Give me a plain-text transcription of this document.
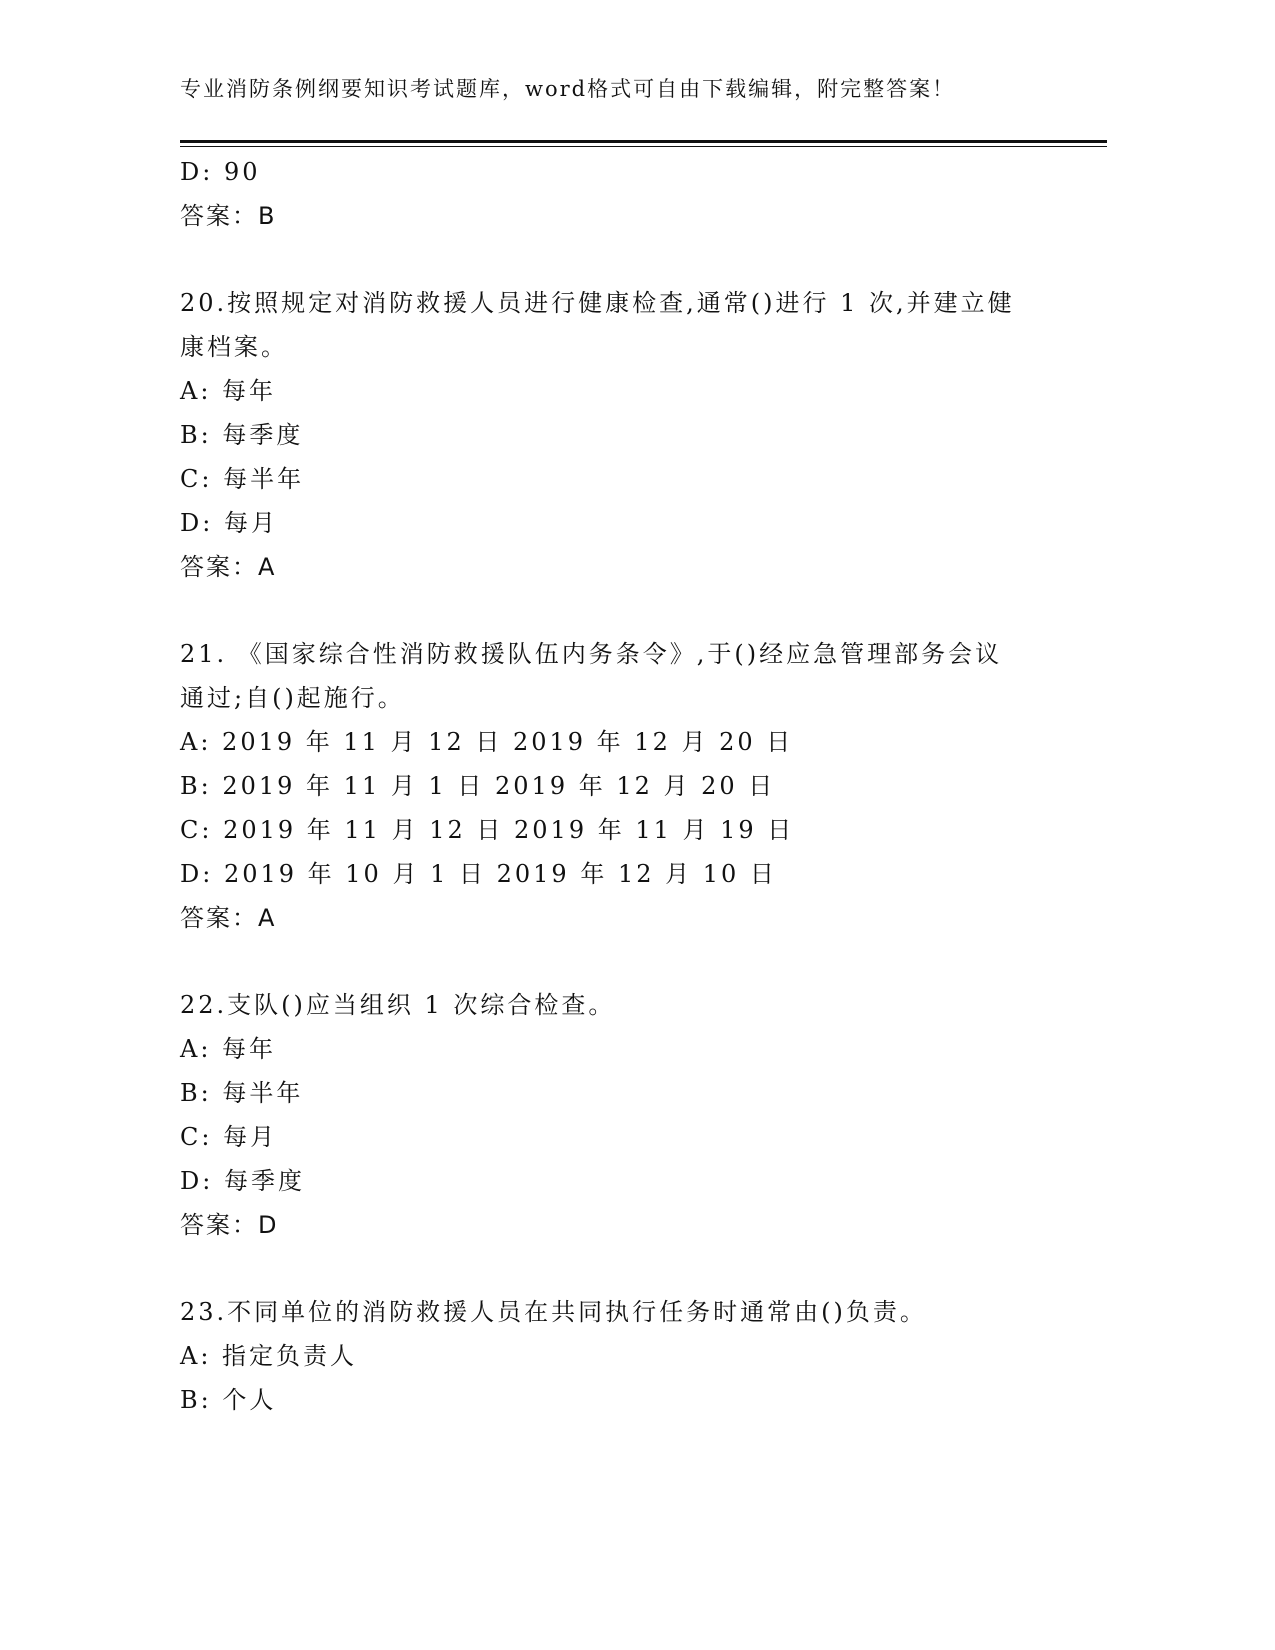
专业消防条例纲要知识考试题库，word格式可自由下载编辑，附完整答案！

D: 90

答案：B

20.按照规定对消防救援人员进行健康检查,通常()进行 1 次,并建立健

康档案。

A: 每年

B: 每季度

C: 每半年

D: 每月

答案：A

21. 《国家综合性消防救援队伍内务条令》,于()经应急管理部务会议

通过;自()起施行。

A: 2019 年 11 月 12 日 2019 年 12 月 20 日

B: 2019 年 11 月 1 日 2019 年 12 月 20 日

C: 2019 年 11 月 12 日 2019 年 11 月 19 日

D: 2019 年 10 月 1 日 2019 年 12 月 10 日

答案：A

22.支队()应当组织 1 次综合检查。

A: 每年

B: 每半年

C: 每月

D: 每季度

答案：D

23.不同单位的消防救援人员在共同执行任务时通常由()负责。

A: 指定负责人

B: 个人
